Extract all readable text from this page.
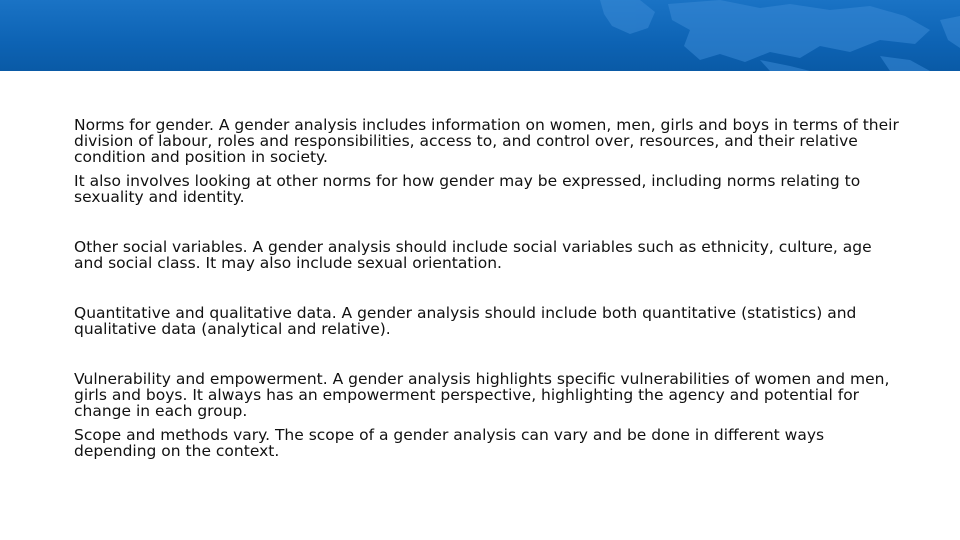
Norms for gender. A gender analysis includes information on women, men, girls and boys in terms of their division of labour, roles and responsibilities, access to, and control over, resources, and their relative condition and position in society.

It also involves looking at other norms for how gender may be expressed, including norms relating to sexuality and identity.

Other social variables. A gender analysis should include social variables such as ethnicity, culture, age and social class. It may also include sexual orientation.

Quantitative and qualitative data. A gender analysis should include both quantitative (statistics) and qualitative data (analytical and relative).

Vulnerability and empowerment. A gender analysis highlights specific vulnerabilities of women and men, girls and boys. It always has an empowerment perspective, highlighting the agency and potential for change in each group.

Scope and methods vary. The scope of a gender analysis can vary and be done in different ways depending on the context.
